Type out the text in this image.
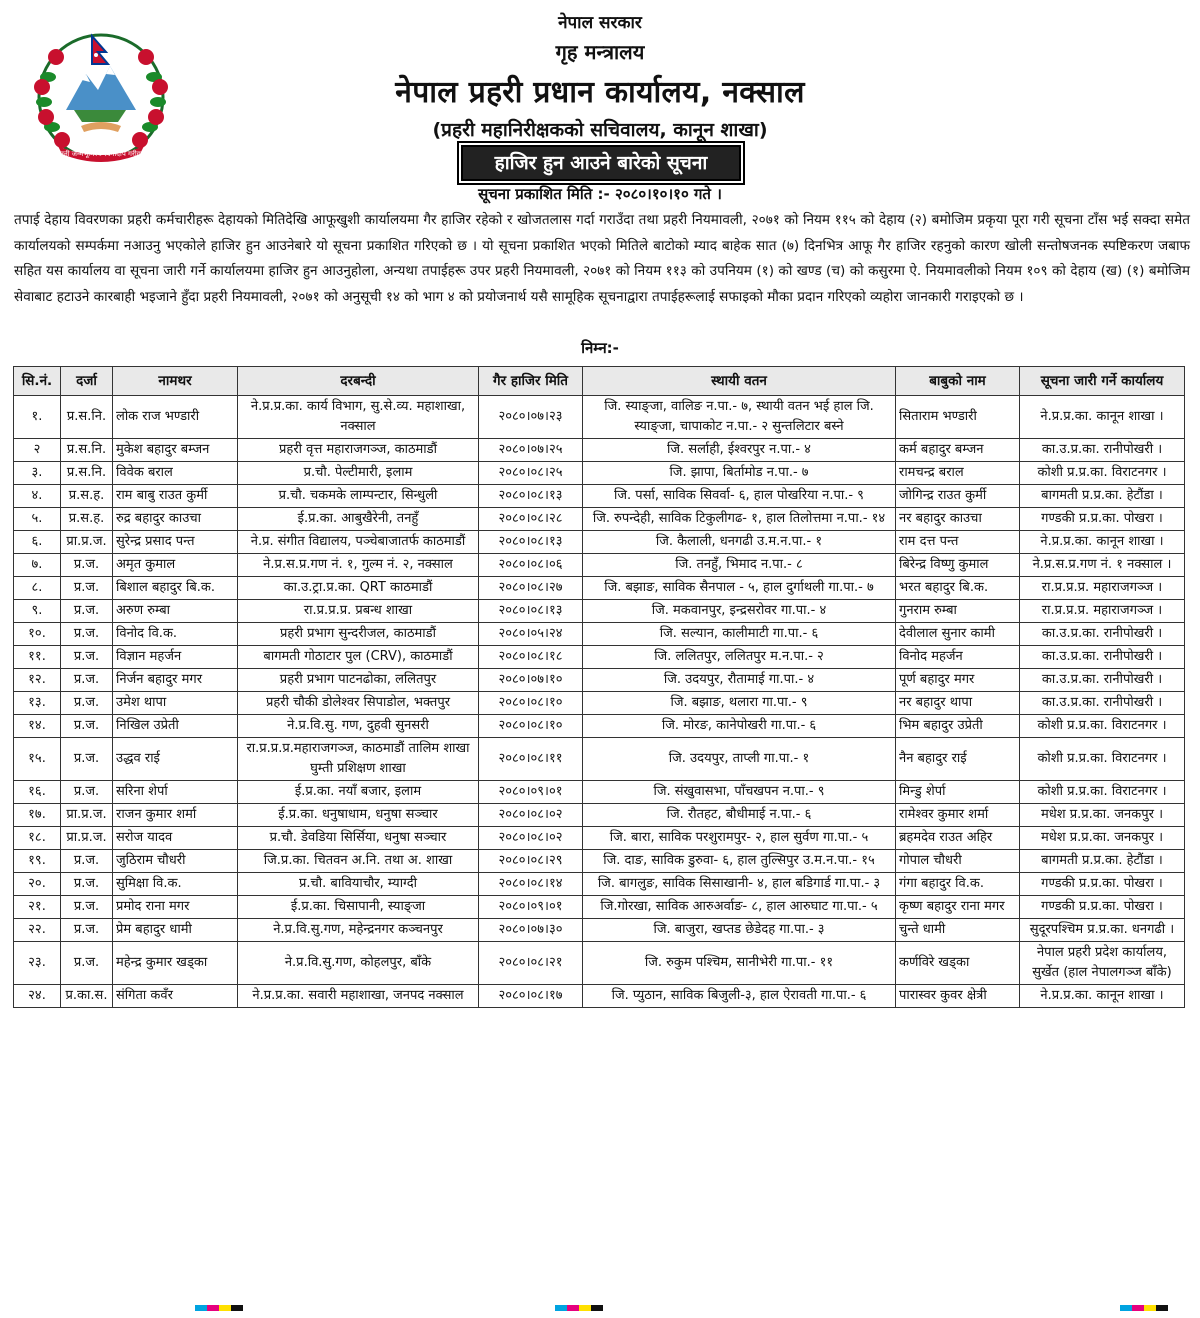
जननी जन्मभूमिश्च स्वर्गादपि गरीयसी
नेपाल सरकार
गृह मन्त्रालय
नेपाल प्रहरी प्रधान कार्यालय, नक्साल
(प्रहरी महानिरीक्षकको सचिवालय, कानून शाखा)
हाजिर हुन आउने बारेको सूचना
सूचना प्रकाशित मिति :- २०८०।१०।१० गते ।
तपाई देहाय विवरणका प्रहरी कर्मचारीहरू देहायको मितिदेखि आफूखुशी कार्यालयमा गैर हाजिर रहेको र खोजतलास गर्दा गराउँदा तथा प्रहरी नियमावली, २०७१ को नियम ११५ को देहाय (२) बमोजिम प्रकृया पूरा गरी सूचना टाँस भई सक्दा समेत कार्यालयको सम्पर्कमा नआउनु भएकोले हाजिर हुन आउनेबारे यो सूचना प्रकाशित गरिएको छ । यो सूचना प्रकाशित भएको मितिले बाटोको म्याद बाहेक सात (७) दिनभित्र आफू गैर हाजिर रहनुको कारण खोली सन्तोषजनक स्पष्टिकरण जबाफ सहित यस कार्यालय वा सूचना जारी गर्ने कार्यालयमा हाजिर हुन आउनुहोला, अन्यथा तपाईहरू उपर प्रहरी नियमावली, २०७१ को नियम ११३ को उपनियम (१) को खण्ड (च) को कसुरमा ऐ. नियमावलीको नियम १०९ को देहाय (ख) (१) बमोजिम सेवाबाट हटाउने कारबाही भइजाने हुँदा प्रहरी नियमावली, २०७१ को अनुसूची १४ को भाग ४ को प्रयोजनार्थ यसै सामूहिक सूचनाद्वारा तपाईहरूलाई सफाइको मौका प्रदान गरिएको व्यहोरा जानकारी गराइएको छ ।
निम्न:-
सि.नं.	दर्जा	नामथर	दरबन्दी	गैर हाजिर मिति	स्थायी वतन	बाबुको नाम	सूचना जारी गर्ने कार्यालय
१.	प्र.स.नि.	लोक राज भण्डारी	ने.प्र.प्र.का. कार्य विभाग, सु.से.व्य. महाशाखा, नक्साल	२०८०।०७।२३	जि. स्याङ्जा, वालिङ न.पा.- ७, स्थायी वतन भई हाल जि. स्याङ्जा, चापाकोट न.पा.- २ सुन्तलिटार बस्ने	सिताराम भण्डारी	ने.प्र.प्र.का. कानून शाखा ।
२	प्र.स.नि.	मुकेश बहादुर बम्जन	प्रहरी वृत्त महाराजगञ्ज, काठमाडौं	२०८०।०७।२५	जि. सर्लाही, ईश्वरपुर न.पा.- ४	कर्म बहादुर बम्जन	का.उ.प्र.का. रानीपोखरी ।
३.	प्र.स.नि.	विवेक बराल	प्र.चौ. पेल्टीमारी, इलाम	२०८०।०८।२५	जि. झापा, बिर्तामोड न.पा.- ७	रामचन्द्र बराल	कोशी प्र.प्र.का. विराटनगर ।
४.	प्र.स.ह.	राम बाबु राउत कुर्मी	प्र.चौ. चकमके लाम्पन्टार, सिन्धुली	२०८०।०८।१३	जि. पर्सा, साविक सिवर्वा- ६, हाल पोखरिया न.पा.- ९	जोगिन्द्र राउत कुर्मी	बागमती प्र.प्र.का. हेटौंडा ।
५.	प्र.स.ह.	रुद्र बहादुर काउचा	ई.प्र.का. आबुखैरेनी, तनहुँ	२०८०।०८।२८	जि. रुपन्देही, साविक टिकुलीगढ- १, हाल तिलोत्तमा न.पा.- १४	नर बहादुर काउचा	गण्डकी प्र.प्र.का. पोखरा ।
६.	प्रा.प्र.ज.	सुरेन्द्र प्रसाद पन्त	ने.प्र. संगीत विद्यालय, पञ्चेबाजातर्फ काठमाडौं	२०८०।०८।१३	जि. कैलाली, धनगढी उ.म.न.पा.- १	राम दत्त पन्त	ने.प्र.प्र.का. कानून शाखा ।
७.	प्र.ज.	अमृत कुमाल	ने.प्र.स.प्र.गण नं. १, गुल्म नं. २, नक्साल	२०८०।०८।०६	जि. तनहुँ, भिमाद न.पा.- ८	बिरेन्द्र विष्णु कुमाल	ने.प्र.स.प्र.गण नं. १ नक्साल ।
८.	प्र.ज.	बिशाल बहादुर बि.क.	का.उ.ट्रा.प्र.का. QRT काठमाडौं	२०८०।०८।२७	जि. बझाङ, साविक सैनपाल - ५, हाल दुर्गाथली गा.पा.- ७	भरत बहादुर बि.क.	रा.प्र.प्र.प्र. महाराजगञ्ज ।
९.	प्र.ज.	अरुण रुम्बा	रा.प्र.प्र.प्र. प्रबन्ध शाखा	२०८०।०८।१३	जि. मकवानपुर, इन्द्रसरोवर गा.पा.- ४	गुनराम रुम्बा	रा.प्र.प्र.प्र. महाराजगञ्ज ।
१०.	प्र.ज.	विनोद वि.क.	प्रहरी प्रभाग सुन्दरीजल, काठमाडौं	२०८०।०५।२४	जि. सल्यान, कालीमाटी गा.पा.- ६	देवीलाल सुनार कामी	का.उ.प्र.का. रानीपोखरी ।
११.	प्र.ज.	विज्ञान महर्जन	बागमती गोठाटार पुल (CRV), काठमाडौं	२०८०।०८।१८	जि. ललितपुर, ललितपुर म.न.पा.- २	विनोद महर्जन	का.उ.प्र.का. रानीपोखरी ।
१२.	प्र.ज.	निर्जन बहादुर मगर	प्रहरी प्रभाग पाटनढोका, ललितपुर	२०८०।०७।१०	जि. उदयपुर, रौतामाई गा.पा.- ४	पूर्ण बहादुर मगर	का.उ.प्र.का. रानीपोखरी ।
१३.	प्र.ज.	उमेश थापा	प्रहरी चौकी डोलेश्वर सिपाडोल, भक्तपुर	२०८०।०८।१०	जि. बझाङ, थलारा गा.पा.- ९	नर बहादुर थापा	का.उ.प्र.का. रानीपोखरी ।
१४.	प्र.ज.	निखिल उप्रेती	ने.प्र.वि.सु. गण, दुहवी सुनसरी	२०८०।०८।१०	जि. मोरङ, कानेपोखरी गा.पा.- ६	भिम बहादुर उप्रेती	कोशी प्र.प्र.का. विराटनगर ।
१५.	प्र.ज.	उद्धव राई	रा.प्र.प्र.प्र.महाराजगञ्ज, काठमाडौं तालिम शाखा घुम्ती प्रशिक्षण शाखा	२०८०।०८।११	जि. उदयपुर, ताप्ली गा.पा.- १	नैन बहादुर राई	कोशी प्र.प्र.का. विराटनगर ।
१६.	प्र.ज.	सरिना शेर्पा	ई.प्र.का. नयाँ बजार, इलाम	२०८०।०९।०१	जि. संखुवासभा, पाँचखपन न.पा.- ९	मिन्डु शेर्पा	कोशी प्र.प्र.का. विराटनगर ।
१७.	प्रा.प्र.ज.	राजन कुमार शर्मा	ई.प्र.का. धनुषाधाम, धनुषा सञ्चार	२०८०।०८।०२	जि. रौतहट, बौधीमाई न.पा.- ६	रामेश्वर कुमार शर्मा	मधेश प्र.प्र.का. जनकपुर ।
१८.	प्रा.प्र.ज.	सरोज यादव	प्र.चौ. डेवडिया सिर्सिया, धनुषा सञ्चार	२०८०।०८।०२	जि. बारा, साविक परशुरामपुर- २, हाल सुर्वण गा.पा.- ५	ब्रहमदेव राउत अहिर	मधेश प्र.प्र.का. जनकपुर ।
१९.	प्र.ज.	जुठिराम चौधरी	जि.प्र.का. चितवन अ.नि. तथा अ. शाखा	२०८०।०८।२९	जि. दाङ, साविक डुरुवा- ६, हाल तुल्सिपुर उ.म.न.पा.- १५	गोपाल चौधरी	बागमती प्र.प्र.का. हेटौंडा ।
२०.	प्र.ज.	सुमिक्षा वि.क.	प्र.चौ. बावियाचौर, म्याग्दी	२०८०।०८।१४	जि. बागलुङ, साविक सिसाखानी- ४, हाल बडिगार्ड गा.पा.- ३	गंगा बहादुर वि.क.	गण्डकी प्र.प्र.का. पोखरा ।
२१.	प्र.ज.	प्रमोद राना मगर	ई.प्र.का. चिसापानी, स्याङ्जा	२०८०।०९।०१	जि.गोरखा, साविक आरुअर्वाङ- ८, हाल आरुघाट गा.पा.- ५	कृष्ण बहादुर राना मगर	गण्डकी प्र.प्र.का. पोखरा ।
२२.	प्र.ज.	प्रेम बहादुर धामी	ने.प्र.वि.सु.गण, महेन्द्रनगर कञ्चनपुर	२०८०।०७।३०	जि. बाजुरा, खप्तड छेडेदह गा.पा.- ३	चुन्ते धामी	सुदूरपश्चिम प्र.प्र.का. धनगढी ।
२३.	प्र.ज.	महेन्द्र कुमार खड्का	ने.प्र.वि.सु.गण, कोहलपुर, बाँके	२०८०।०८।२१	जि. रुकुम पश्चिम, सानीभेरी गा.पा.- ११	कर्णविरे खड्का	नेपाल प्रहरी प्रदेश कार्यालय, सुर्खेत (हाल नेपालगञ्ज बाँके)
२४.	प्र.का.स.	संगिता कवँर	ने.प्र.प्र.का. सवारी महाशाखा, जनपद नक्साल	२०८०।०८।१७	जि. प्युठान, साविक बिजुली-३, हाल ऐरावती गा.पा.- ६	पारास्वर कुवर क्षेत्री	ने.प्र.प्र.का. कानून शाखा ।
